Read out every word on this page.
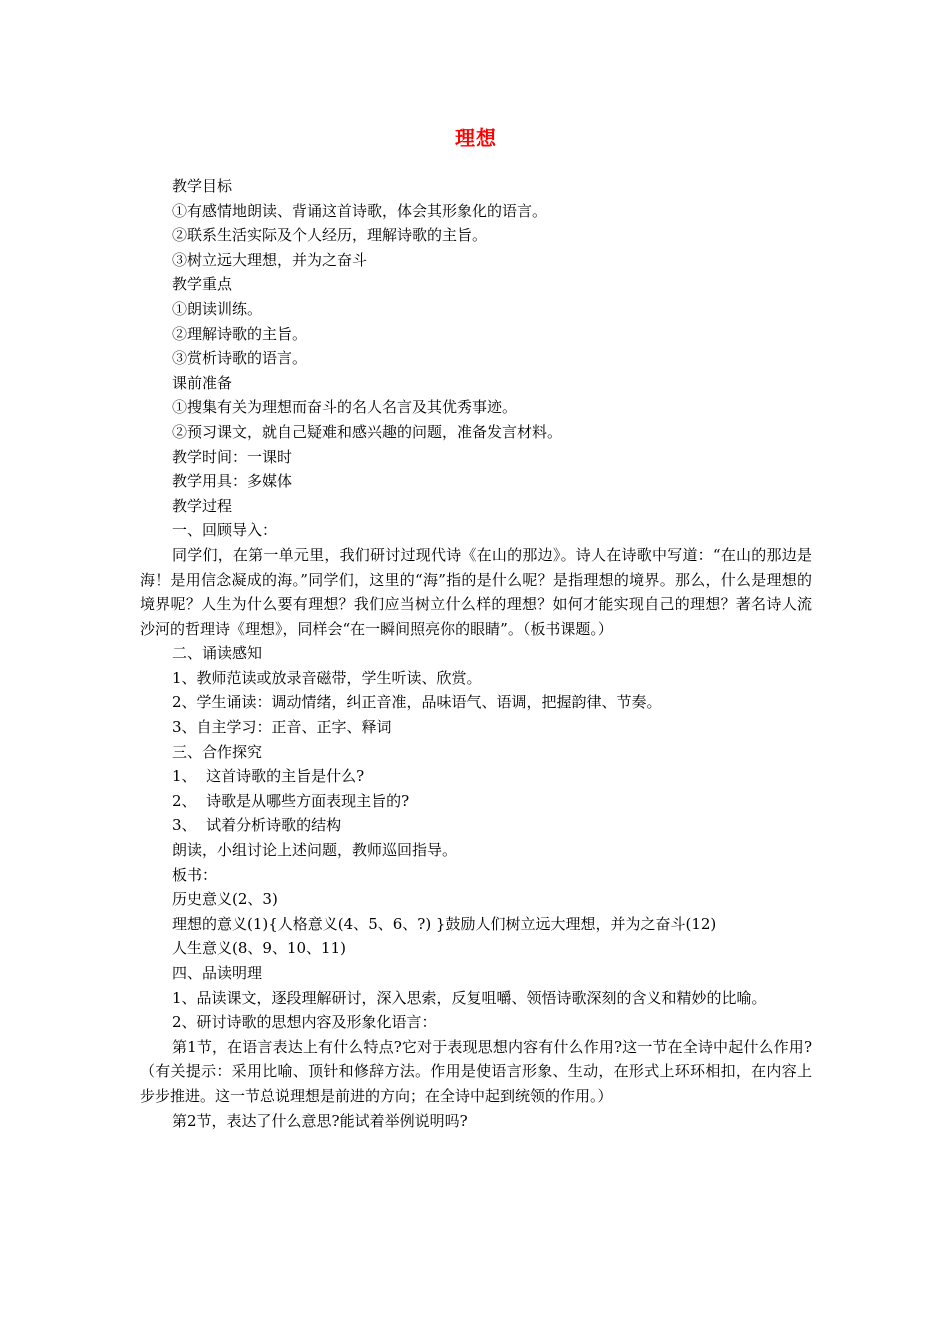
理想

教学目标

①有感情地朗读、背诵这首诗歌，体会其形象化的语言。

②联系生活实际及个人经历，理解诗歌的主旨。

③树立远大理想，并为之奋斗

教学重点

①朗读训练。

②理解诗歌的主旨。

③赏析诗歌的语言。

课前准备

①搜集有关为理想而奋斗的名人名言及其优秀事迹。

②预习课文，就自己疑难和感兴趣的问题，准备发言材料。

教学时间：一课时

教学用具：多媒体

教学过程

一、回顾导入：

同学们，在第一单元里，我们研讨过现代诗《在山的那边》。诗人在诗歌中写道：“在山的那边是海！是用信念凝成的海。”同学们，这里的“海”指的是什么呢？是指理想的境界。那么，什么是理想的境界呢？人生为什么要有理想？我们应当树立什么样的理想？如何才能实现自己的理想？著名诗人流沙河的哲理诗《理想》，同样会“在一瞬间照亮你的眼睛”。（板书课题。）

二、诵读感知

1、教师范读或放录音磁带，学生听读、欣赏。

2、学生诵读：调动情绪，纠正音准，品味语气、语调，把握韵律、节奏。

3、自主学习：正音、正字、释词

三、合作探究

1、  这首诗歌的主旨是什么?

2、  诗歌是从哪些方面表现主旨的?

3、  试着分析诗歌的结构

朗读，小组讨论上述问题，教师巡回指导。

板书：

历史意义(2、3)

理想的意义(1){人格意义(4、5、6、?) }鼓励人们树立远大理想，并为之奋斗(12)

人生意义(8、9、10、11)

四、品读明理

1、品读课文，逐段理解研讨，深入思索，反复咀嚼、领悟诗歌深刻的含义和精妙的比喻。

2、研讨诗歌的思想内容及形象化语言：

第1节，在语言表达上有什么特点?它对于表现思想内容有什么作用?这一节在全诗中起什么作用?（有关提示：采用比喻、顶针和修辞方法。作用是使语言形象、生动，在形式上环环相扣，在内容上步步推进。这一节总说理想是前进的方向；在全诗中起到统领的作用。）

第2节，表达了什么意思?能试着举例说明吗?
